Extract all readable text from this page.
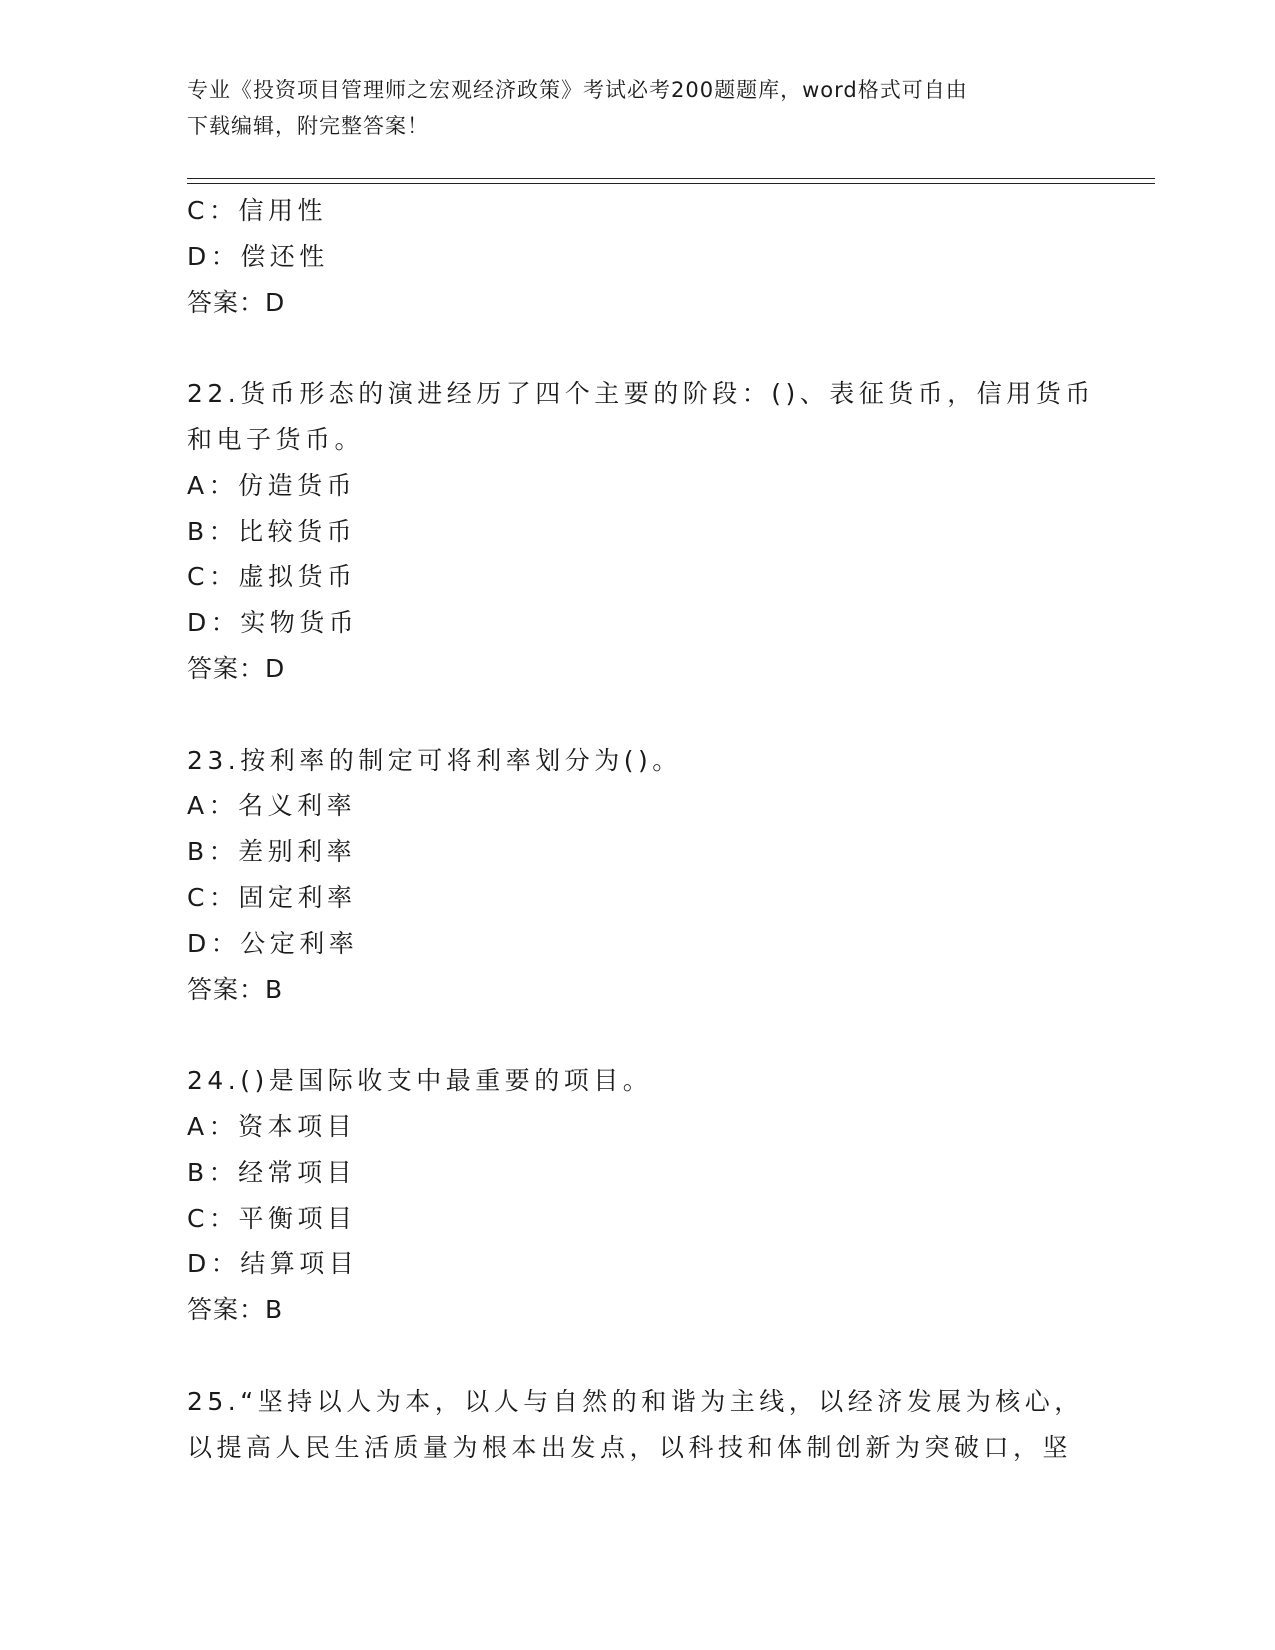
专业《投资项目管理师之宏观经济政策》考试必考200题题库，word格式可自由
下载编辑，附完整答案！
C：信用性
D：偿还性
答案：D
22.货币形态的演进经历了四个主要的阶段：()、表征货币，信用货币
和电子货币。
A：仿造货币
B：比较货币
C：虚拟货币
D：实物货币
答案：D
23.按利率的制定可将利率划分为()。
A：名义利率
B：差别利率
C：固定利率
D：公定利率
答案：B
24.()是国际收支中最重要的项目。
A：资本项目
B：经常项目
C：平衡项目
D：结算项目
答案：B
25.“坚持以人为本，以人与自然的和谐为主线，以经济发展为核心，
以提高人民生活质量为根本出发点，以科技和体制创新为突破口，坚
